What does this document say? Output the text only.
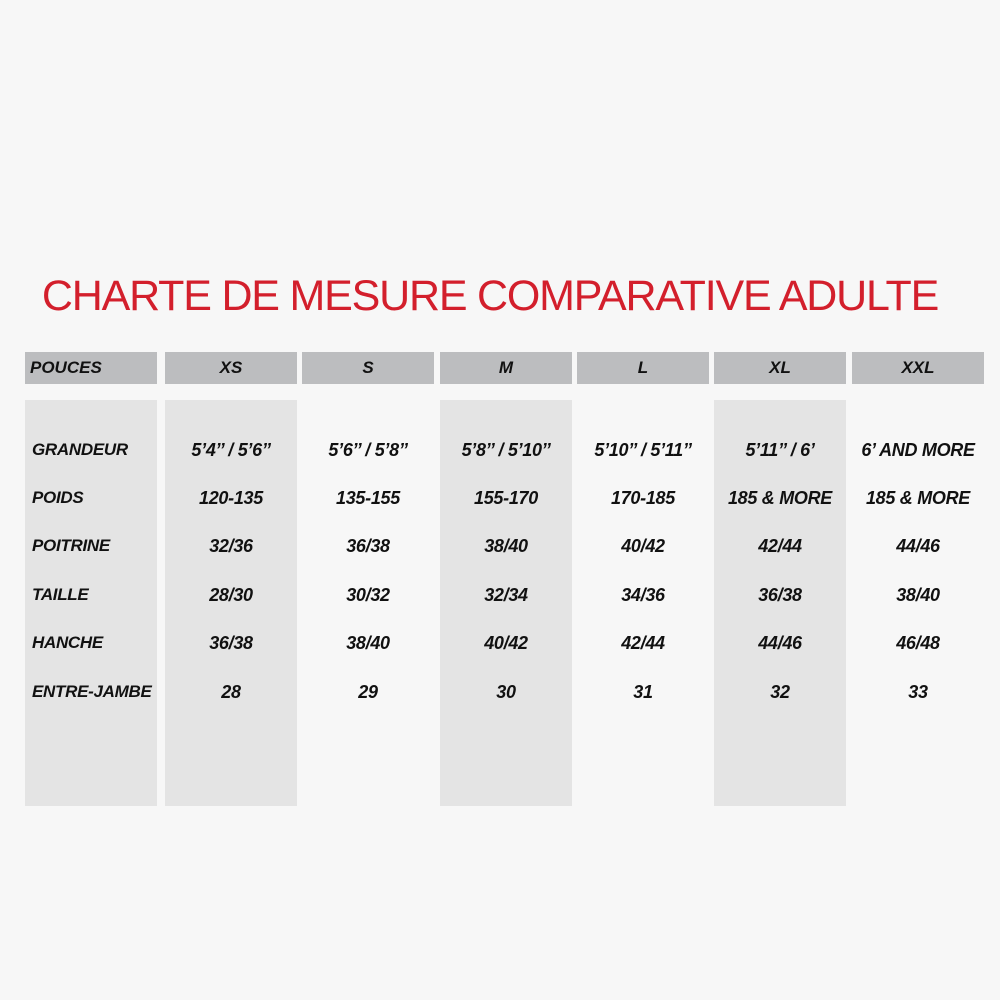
CHARTE DE MESURE COMPARATIVE ADULTE
POUCES	XS	S	M	L	XL	XXL
GRANDEUR	5’4’’ / 5’6’’	5’6’’ / 5’8’’	5’8’’ / 5’10’’	5’10’’ / 5’11’’	5’11’’ / 6’	6’ AND MORE
POIDS	120-135	135-155	155-170	170-185	185 & MORE	185 & MORE
POITRINE	32/36	36/38	38/40	40/42	42/44	44/46
TAILLE	28/30	30/32	32/34	34/36	36/38	38/40
HANCHE	36/38	38/40	40/42	42/44	44/46	46/48
ENTRE-JAMBE	28	29	30	31	32	33
